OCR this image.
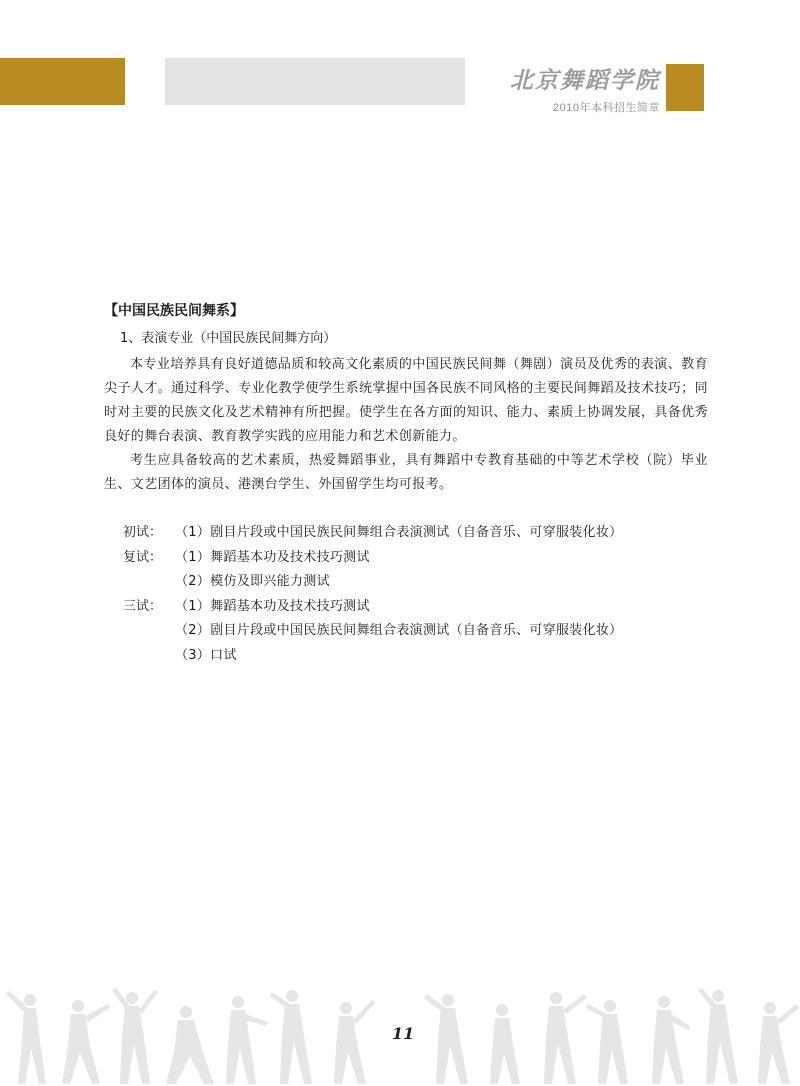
北京舞蹈学院
2010年本科招生简章
【中国民族民间舞系】
1、表演专业（中国民族民间舞方向）

本专业培养具有良好道德品质和较高文化素质的中国民族民间舞（舞剧）演员及优秀的表演、教育尖子人才。通过科学、专业化教学使学生系统掌握中国各民族不同风格的主要民间舞蹈及技术技巧；同时对主要的民族文化及艺术精神有所把握。使学生在各方面的知识、能力、素质上协调发展，具备优秀良好的舞台表演、教育教学实践的应用能力和艺术创新能力。

考生应具备较高的艺术素质，热爱舞蹈事业，具有舞蹈中专教育基础的中等艺术学校（院）毕业生、文艺团体的演员、港澳台学生、外国留学生均可报考。

初试： （1）剧目片段或中国民族民间舞组合表演测试（自备音乐、可穿服装化妆）
复试： （1）舞蹈基本功及技术技巧测试
（2）模仿及即兴能力测试
三试： （1）舞蹈基本功及技术技巧测试
（2）剧目片段或中国民族民间舞组合表演测试（自备音乐、可穿服装化妆）
（3）口试
11
